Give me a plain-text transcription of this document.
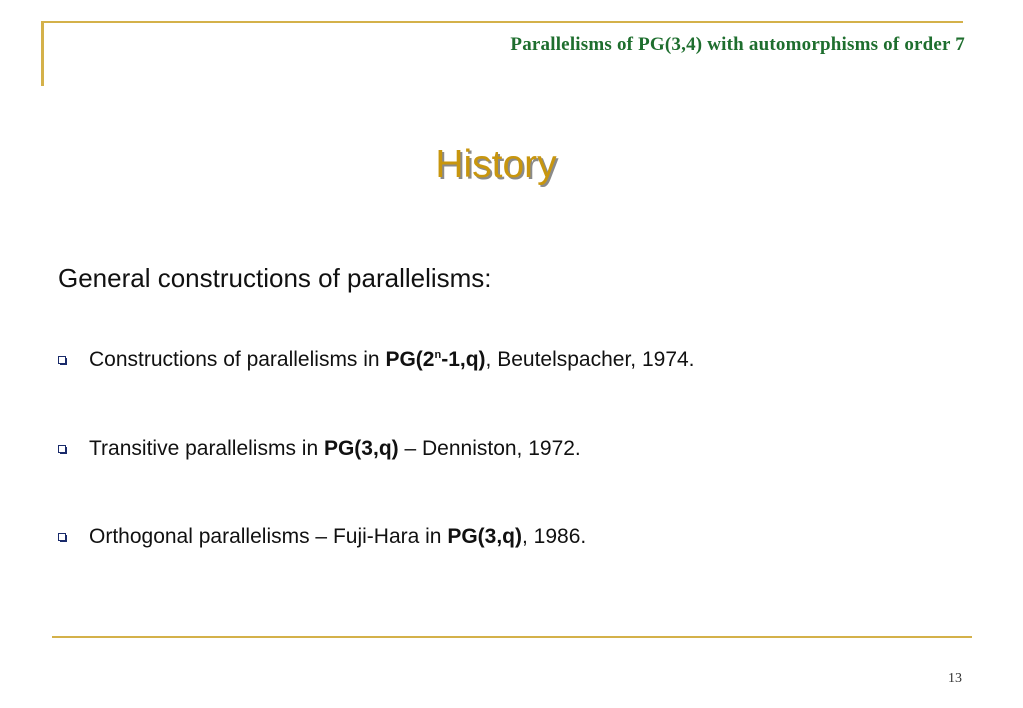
Parallelisms of PG(3,4) with automorphisms of order 7
History
General constructions of parallelisms:
Constructions of parallelisms in PG(2$^n$-1,q), Beutelspacher, 1974.
Transitive parallelisms in PG(3,q) – Denniston, 1972.
Orthogonal parallelisms – Fuji-Hara in PG(3,q), 1986.
13
